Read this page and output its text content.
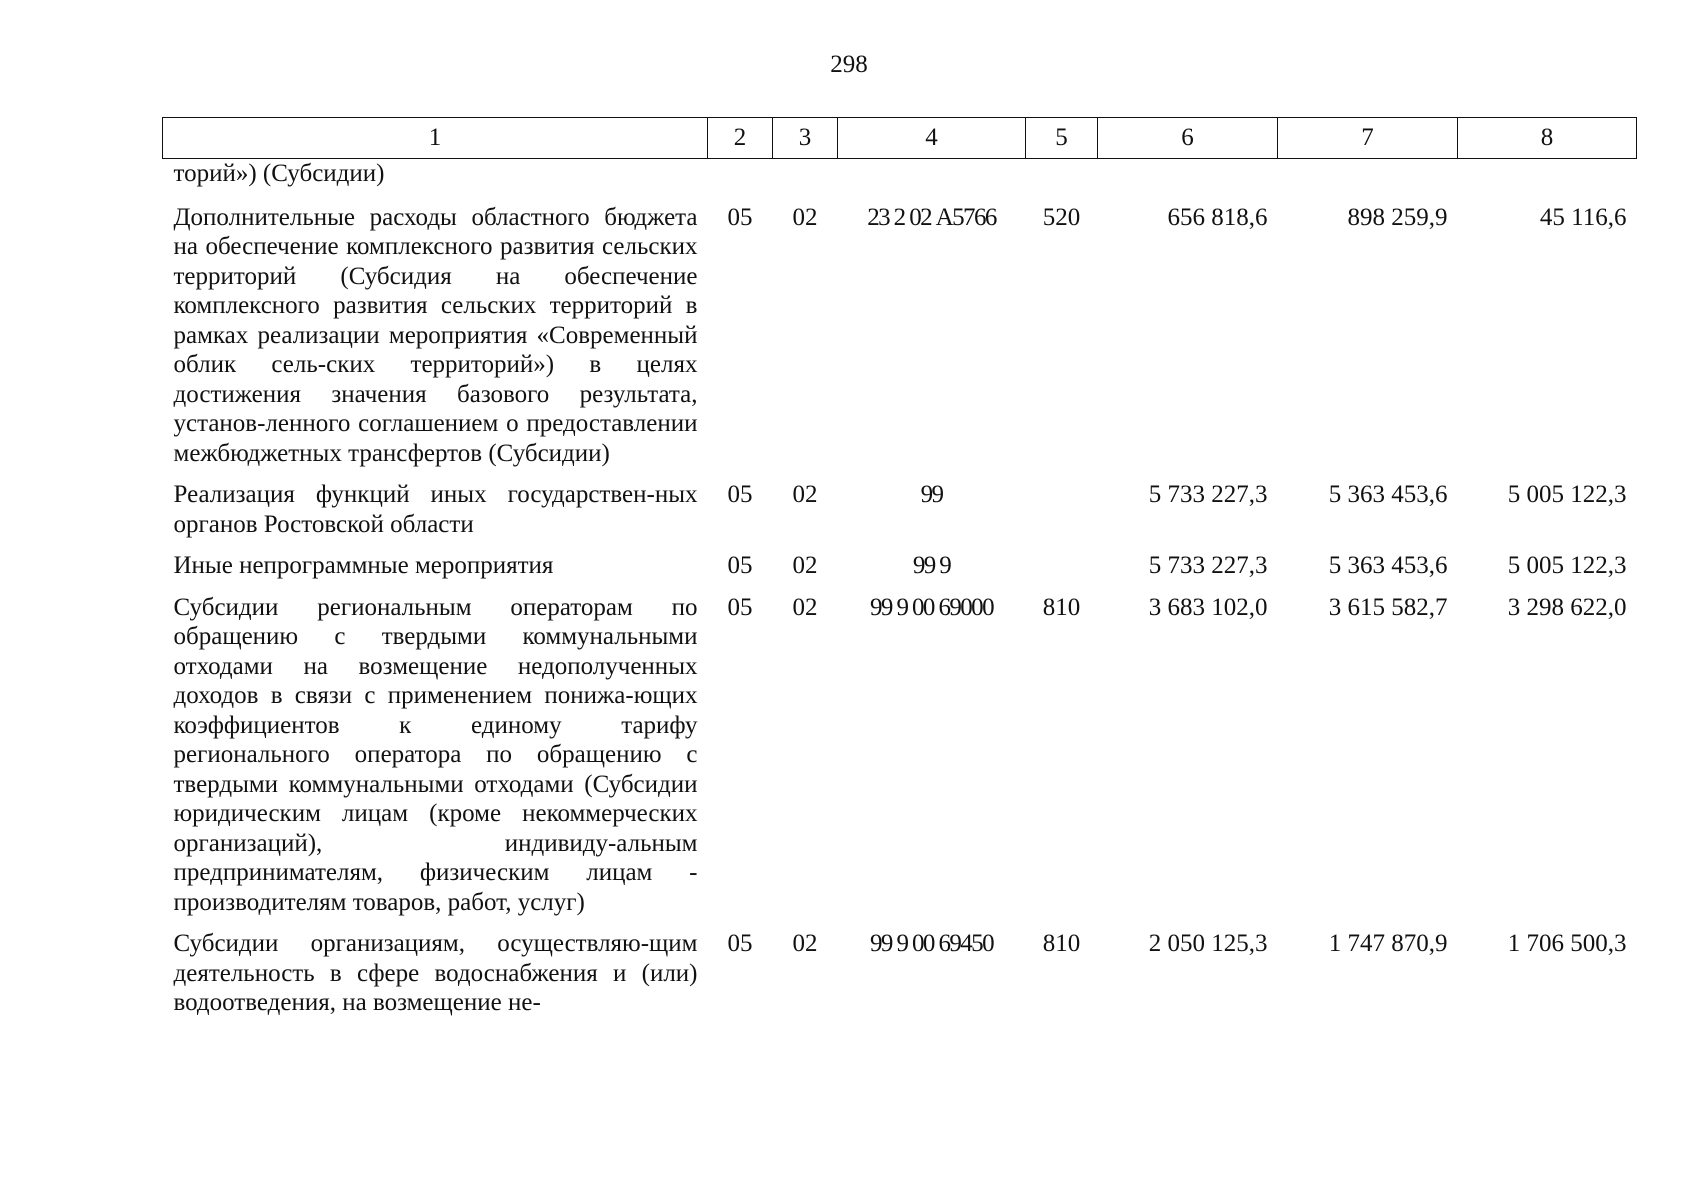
298
1	2	3	4	5	6	7	8
торий») (Субсидии)							
Дополнительные расходы областного бюджета на обеспечение комплексного развития сельских территорий (Субсидия на обеспечение комплексного развития сельских территорий в рамках реализации мероприятия «Современный облик сель-ских территорий») в целях достижения значения базового результата, установ-ленного соглашением о предоставлении межбюджетных трансфертов (Субсидии)	05	02	23 2 02 А5766	520	656 818,6	898 259,9	45 116,6
Реализация функций иных государствен-ных органов Ростовской области	05	02	99		5 733 227,3	5 363 453,6	5 005 122,3
Иные непрограммные мероприятия	05	02	99 9		5 733 227,3	5 363 453,6	5 005 122,3
Субсидии региональным операторам по обращению с твердыми коммунальными отходами на возмещение недополученных доходов в связи с применением понижа-ющих коэффициентов к единому тарифу регионального оператора по обращению с твердыми коммунальными отходами (Субсидии юридическим лицам (кроме некоммерческих организаций), индивиду-альным предпринимателям, физическим лицам - производителям товаров, работ, услуг)	05	02	99 9 00 69000	810	3 683 102,0	3 615 582,7	3 298 622,0
Субсидии организациям, осуществляю-щим деятельность в сфере водоснабжения и (или) водоотведения, на возмещение не-	05	02	99 9 00 69450	810	2 050 125,3	1 747 870,9	1 706 500,3
